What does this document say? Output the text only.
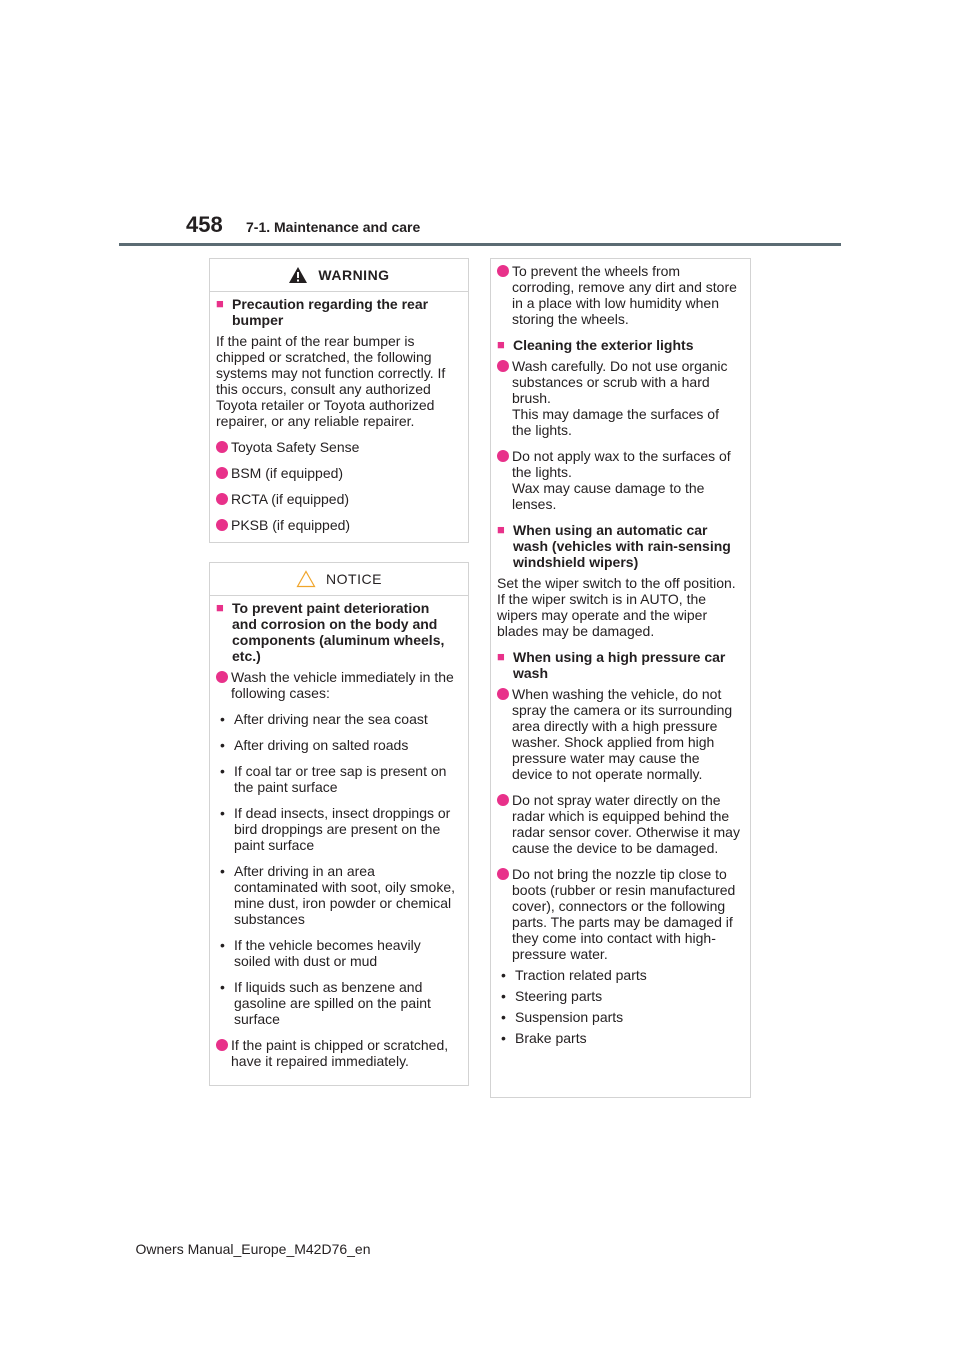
458 7-1. Maintenance and care
WARNING
■ Precaution regarding the rear bumper
If the paint of the rear bumper is chipped or scratched, the following systems may not function correctly. If this occurs, consult any authorized Toyota retailer or Toyota authorized repairer, or any reliable repairer.
Toyota Safety Sense
BSM (if equipped)
RCTA (if equipped)
PKSB (if equipped)
NOTICE
■ To prevent paint deterioration and corrosion on the body and components (aluminum wheels, etc.)
Wash the vehicle immediately in the following cases:
• After driving near the sea coast
• After driving on salted roads
• If coal tar or tree sap is present on the paint surface
• If dead insects, insect droppings or bird droppings are present on the paint surface
• After driving in an area contaminated with soot, oily smoke, mine dust, iron powder or chemical substances
• If the vehicle becomes heavily soiled with dust or mud
• If liquids such as benzene and gasoline are spilled on the paint surface
If the paint is chipped or scratched, have it repaired immediately.
To prevent the wheels from corroding, remove any dirt and store in a place with low humidity when storing the wheels.
■ Cleaning the exterior lights
Wash carefully. Do not use organic substances or scrub with a hard brush.
This may damage the surfaces of the lights.
Do not apply wax to the surfaces of the lights.
Wax may cause damage to the lenses.
■ When using an automatic car wash (vehicles with rain-sensing windshield wipers)
Set the wiper switch to the off position.
If the wiper switch is in AUTO, the wipers may operate and the wiper blades may be damaged.
■ When using a high pressure car wash
When washing the vehicle, do not spray the camera or its surrounding area directly with a high pressure washer. Shock applied from high pressure water may cause the device to not operate normally.
Do not spray water directly on the radar which is equipped behind the radar sensor cover. Otherwise it may cause the device to be damaged.
Do not bring the nozzle tip close to boots (rubber or resin manufactured cover), connectors or the following parts. The parts may be damaged if they come into contact with high-pressure water.
• Traction related parts
• Steering parts
• Suspension parts
• Brake parts
Owners Manual_Europe_M42D76_en
